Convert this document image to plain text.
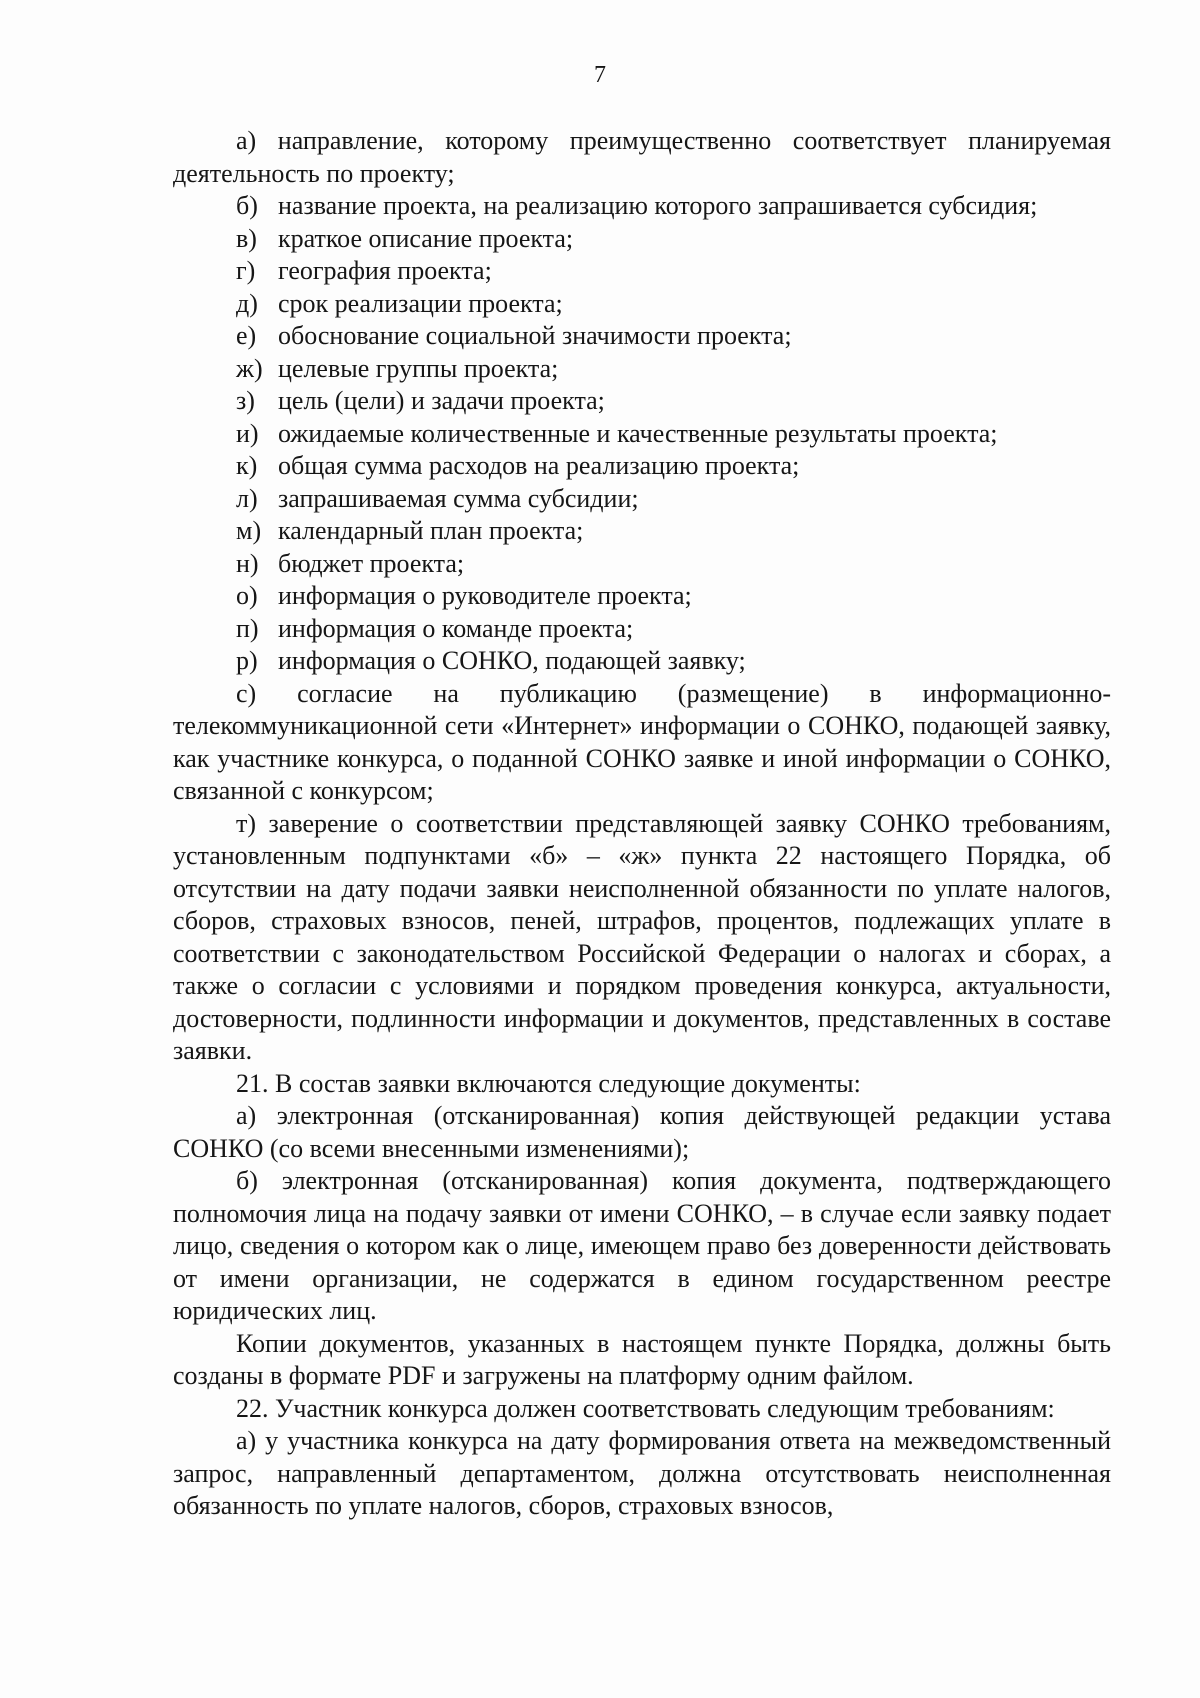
7

а) направление, которому преимущественно соответствует планируемая деятельность по проекту;

б) название проекта, на реализацию которого запрашивается субсидия;
в) краткое описание проекта;
г) география проекта;
д) срок реализации проекта;
е) обоснование социальной значимости проекта;
ж) целевые группы проекта;
з) цель (цели) и задачи проекта;
и) ожидаемые количественные и качественные результаты проекта;
к) общая сумма расходов на реализацию проекта;
л) запрашиваемая сумма субсидии;
м) календарный план проекта;
н) бюджет проекта;
о) информация о руководителе проекта;
п) информация о команде проекта;
р) информация о СОНКО, подающей заявку;

с) согласие на публикацию (размещение) в информационно-телекоммуникационной сети «Интернет» информации о СОНКО, подающей заявку, как участнике конкурса, о поданной СОНКО заявке и иной информации о СОНКО, связанной с конкурсом;

т) заверение о соответствии представляющей заявку СОНКО требованиям, установленным подпунктами «б» – «ж» пункта 22 настоящего Порядка, об отсутствии на дату подачи заявки неисполненной обязанности по уплате налогов, сборов, страховых взносов, пеней, штрафов, процентов, подлежащих уплате в соответствии с законодательством Российской Федерации о налогах и сборах, а также о согласии с условиями и порядком проведения конкурса, актуальности, достоверности, подлинности информации и документов, представленных в составе заявки.

21. В состав заявки включаются следующие документы:

а) электронная (отсканированная) копия действующей редакции устава СОНКО (со всеми внесенными изменениями);

б) электронная (отсканированная) копия документа, подтверждающего полномочия лица на подачу заявки от имени СОНКО, – в случае если заявку подает лицо, сведения о котором как о лице, имеющем право без доверенности действовать от имени организации, не содержатся в едином государственном реестре юридических лиц.

Копии документов, указанных в настоящем пункте Порядка, должны быть созданы в формате PDF и загружены на платформу одним файлом.

22. Участник конкурса должен соответствовать следующим требованиям:

а) у участника конкурса на дату формирования ответа на межведомственный запрос, направленный департаментом, должна отсутствовать неисполненная обязанность по уплате налогов, сборов, страховых взносов,
